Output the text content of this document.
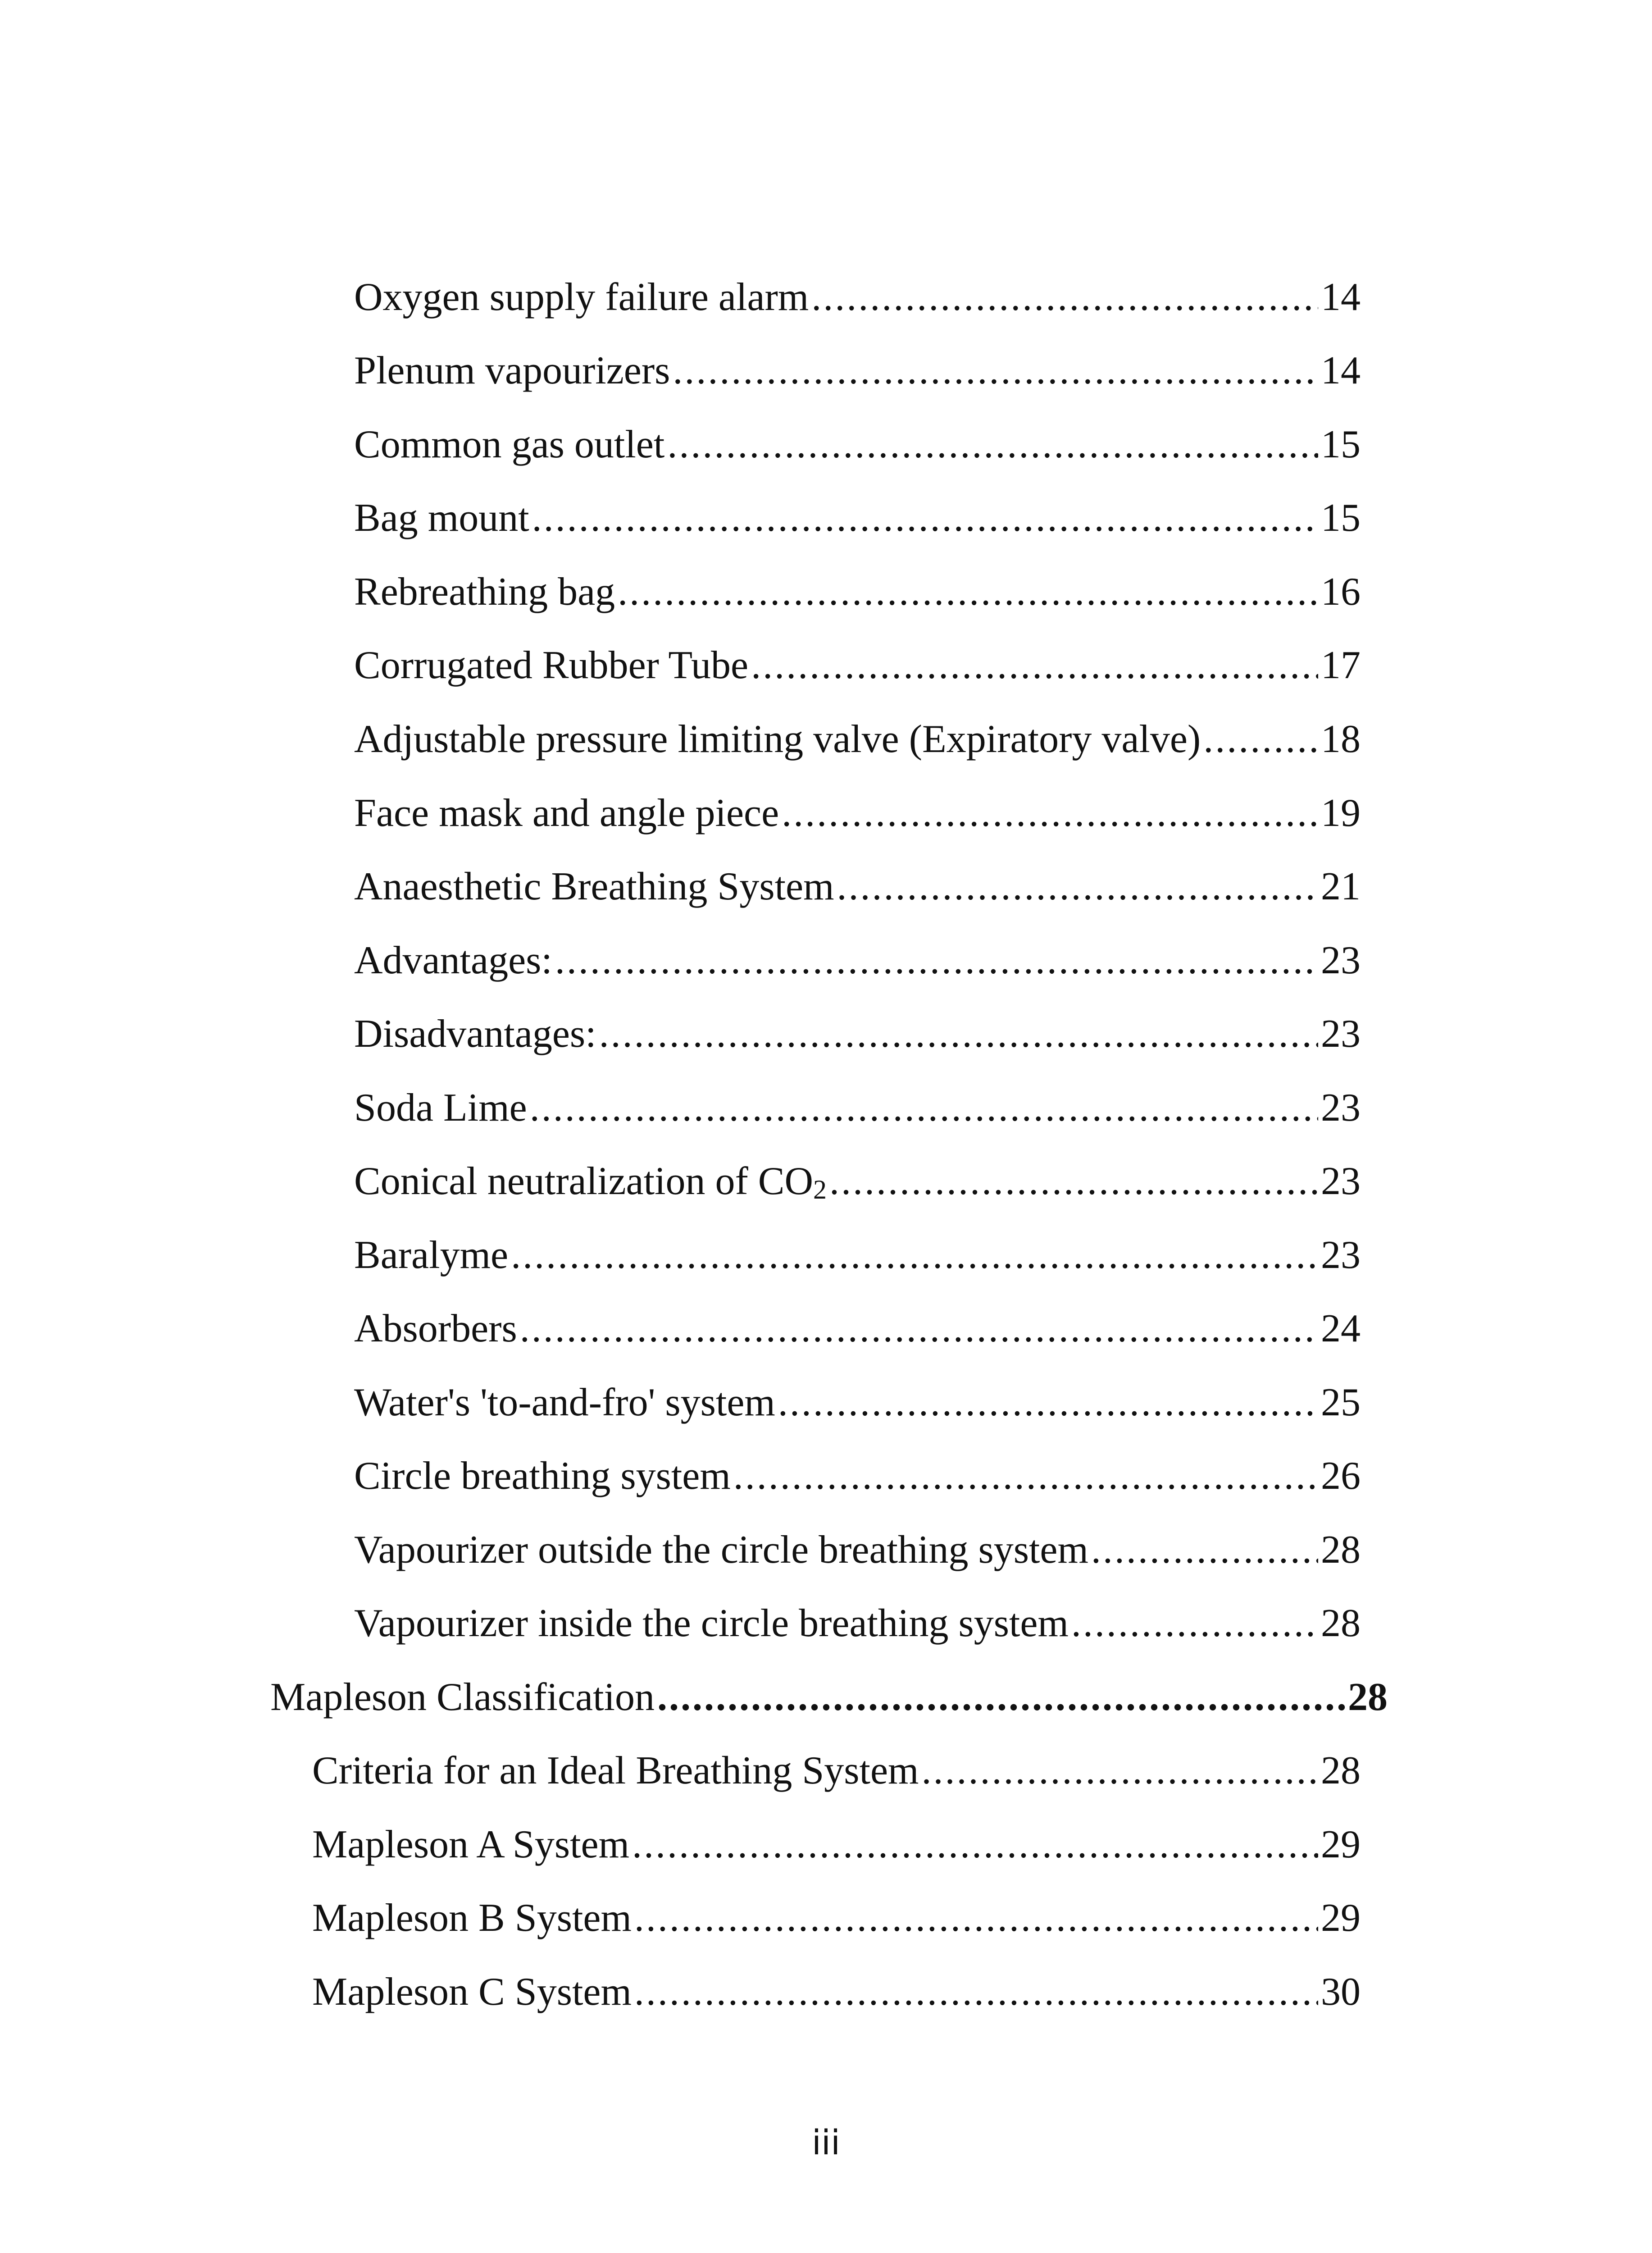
Oxygen supply failure alarm .....	14
Plenum vapourizers .....	14
Common gas outlet .....	15
Bag mount .....	15
Rebreathing bag .....	16
Corrugated Rubber Tube .....	17
Adjustable pressure limiting valve (Expiratory valve) .....	18
Face mask and angle piece .....	19
Anaesthetic Breathing System .....	21
Advantages: .....	23
Disadvantages: .....	23
Soda Lime .....	23
Conical neutralization of $CO_2$ .....	23
Baralyme .....	23
Absorbers .....	24
Water's 'to-and-fro' system .....	25
Circle breathing system .....	26
Vapourizer outside the circle breathing system .....	28
Vapourizer inside the circle breathing system .....	28
Mapleson Classification .....	28
Criteria for an Ideal Breathing System .....	28
Mapleson A System .....	29
Mapleson B System .....	29
Mapleson C System .....	30
iii
